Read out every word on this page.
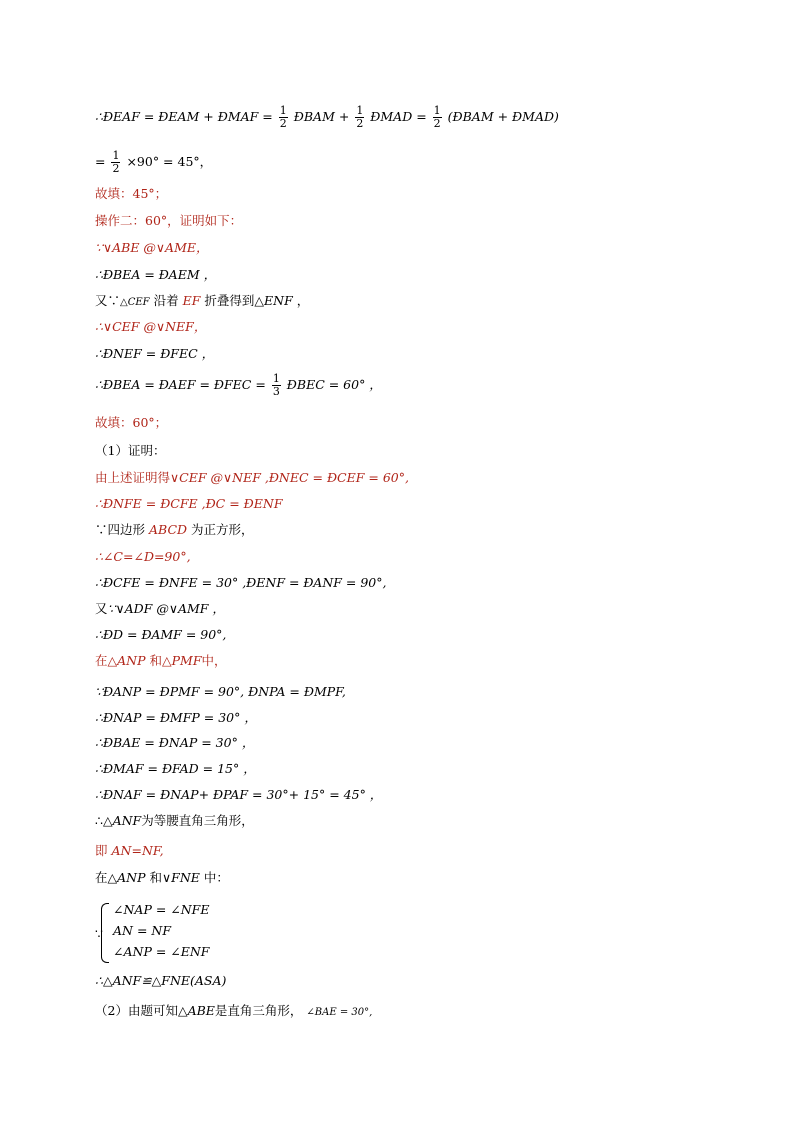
∴ÐEAF = ÐEAM + ÐMAF = $\frac{1}{2}$ ÐBAM + $\frac{1}{2}$ ÐMAD = $\frac{1}{2}$ (ÐBAM + ÐMAD)
= $\frac{1}{2} \times 90^\circ = 45^\circ$，
故填：45°；
操作二：60°，证明如下：
∵∨ABE @∨AME，
∴ÐBEA = ÐAEM ，
又∵△CEF 沿着 EF 折叠得到△ENF ，
∴∨CEF @∨NEF，
∴ÐNEF = ÐFEC ，
∴ÐBEA = ÐAEF = ÐFEC = $\frac{1}{3}$ ÐBEC = 60° ，
故填：60°；
（1）证明：
由上述证明得∨CEF @∨NEF ,ÐNEC = ÐCEF = 60°,
∴ÐNFE = ÐCFE ,ÐC = ÐENF
∵四边形 ABCD 为正方形，
∴∠C=∠D=90°,
∴ÐCFE = ÐNFE = 30° ,ÐENF = ÐANF = 90°,
又∵∨ADF @∨AMF ，
∴ÐD = ÐAMF = 90°,
在△ANP 和△PMF中，
∵ÐANP = ÐPMF = 90°, ÐNPA = ÐMPF,
∴ÐNAP = ÐMFP = 30° ，
∴ÐBAE = ÐNAP = 30° ，
∴ÐMAF = ÐFAD = 15° ，
∴ÐNAF = ÐNAP+ ÐPAF = 30°+ 15° = 45° ，
∴△ANF为等腰直角三角形，
即 AN=NF,
在△ANP 和∨FNE 中：
∵
∠NAP = ∠NFE
AN = NF
∠ANP = ∠ENF
∴△ANF≌△FNE(ASA)
（2）由题可知△ABE是直角三角形， ∠BAE = 30°,
